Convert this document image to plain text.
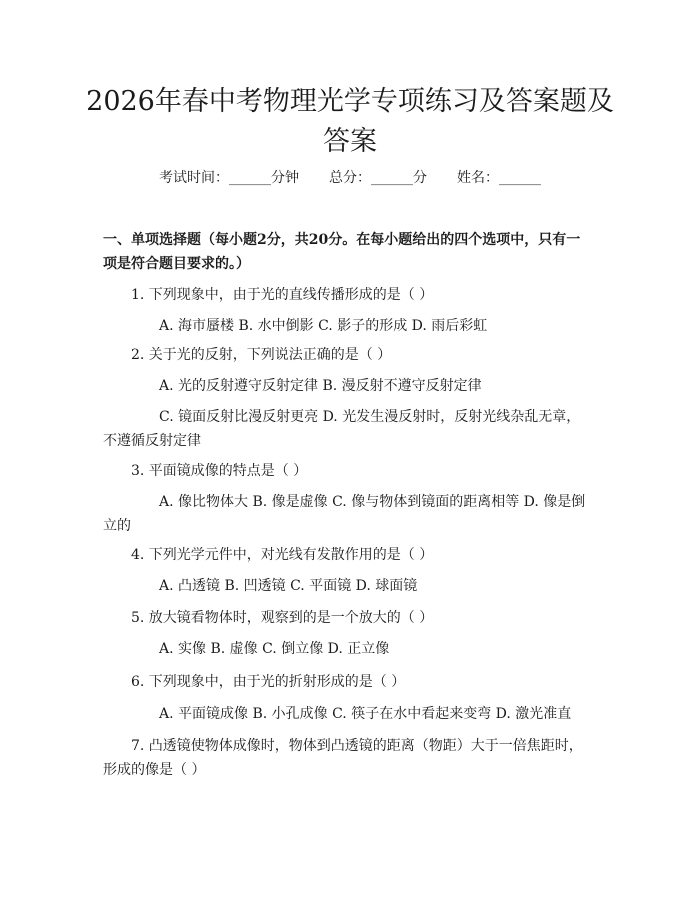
2026年春中考物理光学专项练习及答案题及答案
考试时间：______分钟 总分：______分 姓名：______

一、单项选择题（每小题2分，共20分。在每小题给出的四个选项中，只有一项是符合题目要求的。）

1. 下列现象中，由于光的直线传播形成的是（ ）

A. 海市蜃楼 B. 水中倒影 C. 影子的形成 D. 雨后彩虹

2. 关于光的反射，下列说法正确的是（ ）

A. 光的反射遵守反射定律 B. 漫反射不遵守反射定律

C. 镜面反射比漫反射更亮 D. 光发生漫反射时，反射光线杂乱无章，不遵循反射定律

3. 平面镜成像的特点是（ ）

A. 像比物体大 B. 像是虚像 C. 像与物体到镜面的距离相等 D. 像是倒立的

4. 下列光学元件中，对光线有发散作用的是（ ）

A. 凸透镜 B. 凹透镜 C. 平面镜 D. 球面镜

5. 放大镜看物体时，观察到的是一个放大的（ ）

A. 实像 B. 虚像 C. 倒立像 D. 正立像

6. 下列现象中，由于光的折射形成的是（ ）

A. 平面镜成像 B. 小孔成像 C. 筷子在水中看起来变弯 D. 激光准直

7. 凸透镜使物体成像时，物体到凸透镜的距离（物距）大于一倍焦距时，形成的像是（ ）
